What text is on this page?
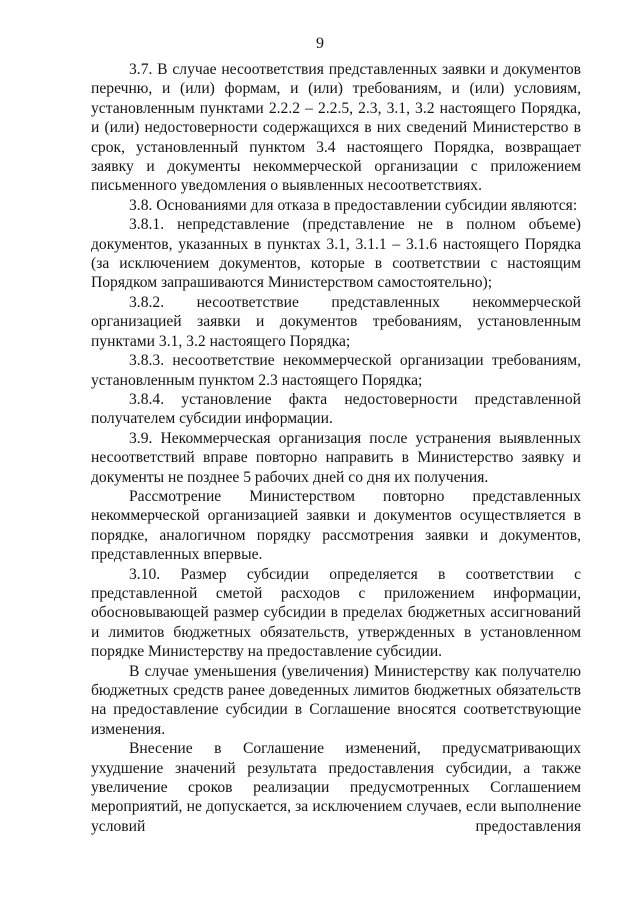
9

3.7. В случае несоответствия представленных заявки и документов перечню, и (или) формам, и (или) требованиям, и (или) условиям, установленным пунктами 2.2.2 – 2.2.5, 2.3, 3.1, 3.2 настоящего Порядка, и (или) недостоверности содержащихся в них сведений Министерство в срок, установленный пунктом 3.4 настоящего Порядка, возвращает заявку и документы некоммерческой организации с приложением письменного уведомления о выявленных несоответствиях.

3.8. Основаниями для отказа в предоставлении субсидии являются:

3.8.1. непредставление (представление не в полном объеме) документов, указанных в пунктах 3.1, 3.1.1 – 3.1.6 настоящего Порядка (за исключением документов, которые в соответствии с настоящим Порядком запрашиваются Министерством самостоятельно);

3.8.2. несоответствие представленных некоммерческой организацией заявки и документов требованиям, установленным пунктами 3.1, 3.2 настоящего Порядка;

3.8.3. несоответствие некоммерческой организации требованиям, установленным пунктом 2.3 настоящего Порядка;

3.8.4. установление факта недостоверности представленной получателем субсидии информации.

3.9. Некоммерческая организация после устранения выявленных несоответствий вправе повторно направить в Министерство заявку и документы не позднее 5 рабочих дней со дня их получения.

Рассмотрение Министерством повторно представленных некоммерческой организацией заявки и документов осуществляется в порядке, аналогичном порядку рассмотрения заявки и документов, представленных впервые.

3.10. Размер субсидии определяется в соответствии с представленной сметой расходов с приложением информации, обосновывающей размер субсидии в пределах бюджетных ассигнований и лимитов бюджетных обязательств, утвержденных в установленном порядке Министерству на предоставление субсидии.

В случае уменьшения (увеличения) Министерству как получателю бюджетных средств ранее доведенных лимитов бюджетных обязательств на предоставление субсидии в Соглашение вносятся соответствующие изменения.

Внесение в Соглашение изменений, предусматривающих ухудшение значений результата предоставления субсидии, а также увеличение сроков реализации предусмотренных Соглашением мероприятий, не допускается, за исключением случаев, если выполнение условий предоставления
